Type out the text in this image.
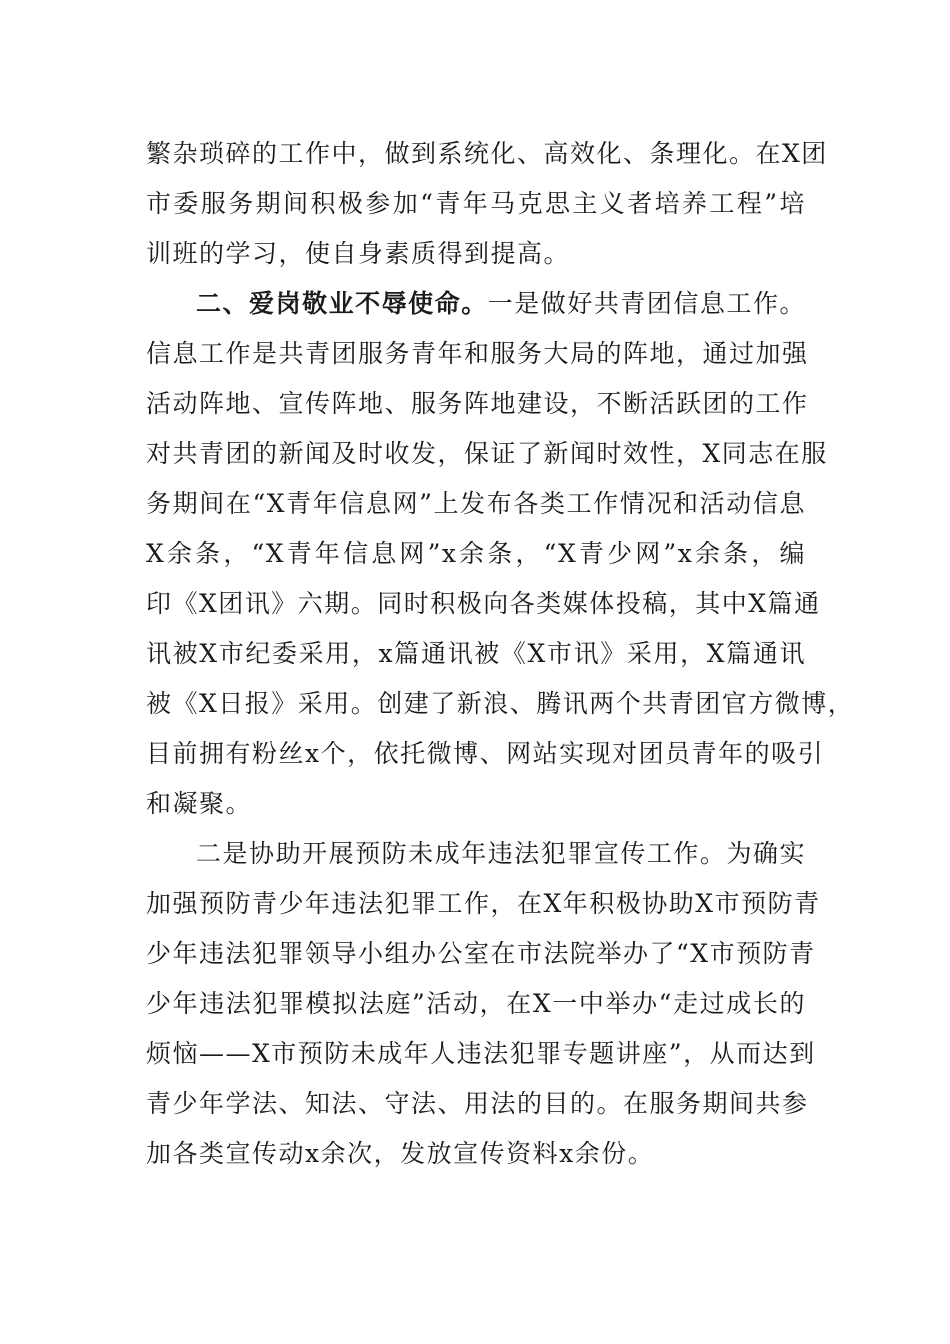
繁杂琐碎的工作中，做到系统化、高效化、条理化。在X团
市委服务期间积极参加“青年马克思主义者培养工程”培
训班的学习，使自身素质得到提高。
二、爱岗敬业不辱使命。一是做好共青团信息工作。
信息工作是共青团服务青年和服务大局的阵地，通过加强
活动阵地、宣传阵地、服务阵地建设，不断活跃团的工作
对共青团的新闻及时收发，保证了新闻时效性，X同志在服
务期间在“X青年信息网”上发布各类工作情况和活动信息
X余条，“X青年信息网”x余条，“X青少网”x余条，编
印《X团讯》六期。同时积极向各类媒体投稿，其中X篇通
讯被X市纪委采用，x篇通讯被《X市讯》采用，X篇通讯
被《X日报》采用。创建了新浪、腾讯两个共青团官方微博，
目前拥有粉丝x个，依托微博、网站实现对团员青年的吸引
和凝聚。
二是协助开展预防未成年违法犯罪宣传工作。为确实
加强预防青少年违法犯罪工作，在X年积极协助X市预防青
少年违法犯罪领导小组办公室在市法院举办了“X市预防青
少年违法犯罪模拟法庭”活动，在X一中举办“走过成长的
烦恼——X市预防未成年人违法犯罪专题讲座”，从而达到
青少年学法、知法、守法、用法的目的。在服务期间共参
加各类宣传动x余次，发放宣传资料x余份。
